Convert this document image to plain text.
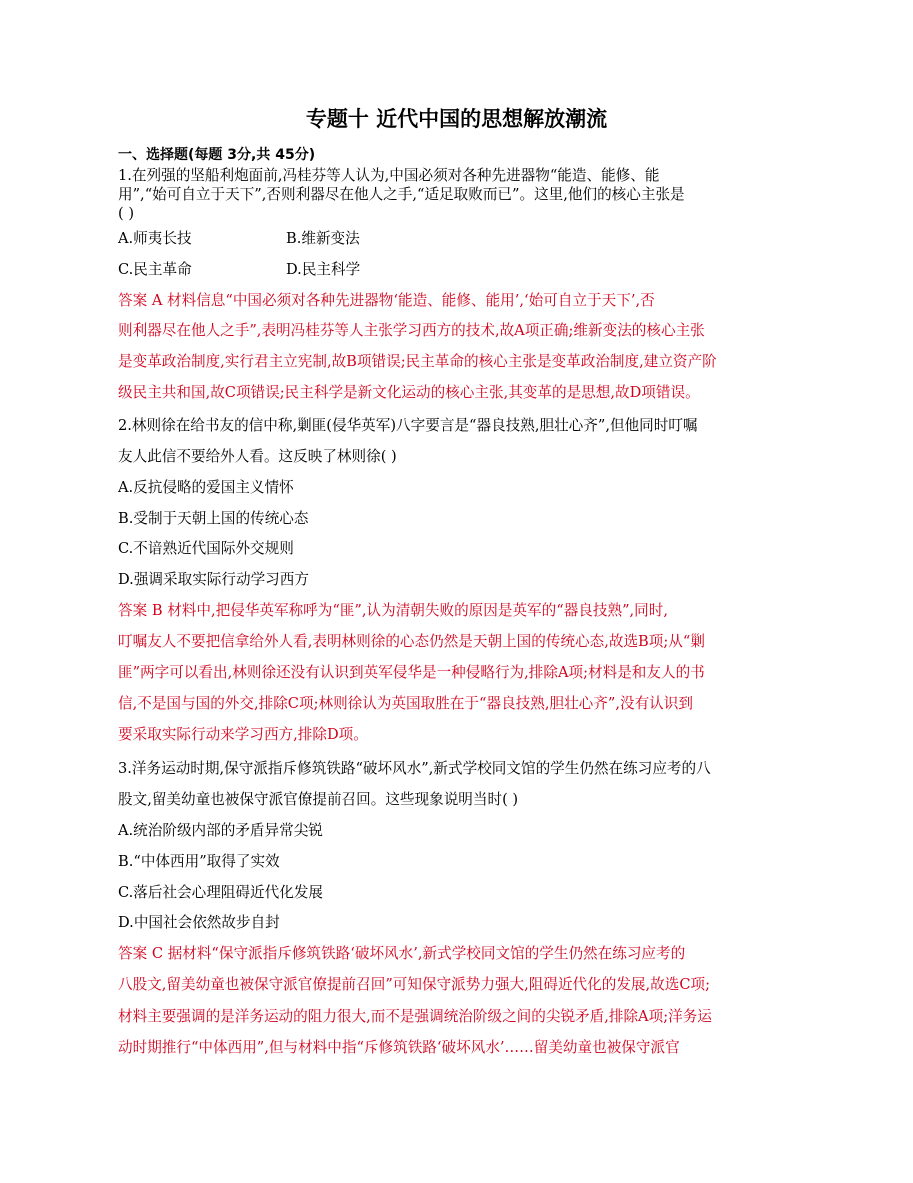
专题十 近代中国的思想解放潮流
一、选择题(每题 3分,共 45分)
1.在列强的坚船利炮面前,冯桂芬等人认为,中国必须对各种先进器物“能造、能修、能
用”,“始可自立于天下”,否则利器尽在他人之手,“适足取败而已”。这里,他们的核心主张是
( )
A.师夷长技	B.维新变法
C.民主革命	D.民主科学
答案 A 材料信息“中国必须对各种先进器物‘能造、能修、能用’,‘始可自立于天下’,否
则利器尽在他人之手”,表明冯桂芬等人主张学习西方的技术,故A项正确;维新变法的核心主张
是变革政治制度,实行君主立宪制,故B项错误;民主革命的核心主张是变革政治制度,建立资产阶
级民主共和国,故C项错误;民主科学是新文化运动的核心主张,其变革的是思想,故D项错误。
2.林则徐在给书友的信中称,剿匪(侵华英军)八字要言是“器良技熟,胆壮心齐”,但他同时叮嘱
友人此信不要给外人看。这反映了林则徐( )
A.反抗侵略的爱国主义情怀
B.受制于天朝上国的传统心态
C.不谙熟近代国际外交规则
D.强调采取实际行动学习西方
答案 B 材料中,把侵华英军称呼为“匪”,认为清朝失败的原因是英军的“器良技熟”,同时,
叮嘱友人不要把信拿给外人看,表明林则徐的心态仍然是天朝上国的传统心态,故选B项;从“剿
匪”两字可以看出,林则徐还没有认识到英军侵华是一种侵略行为,排除A项;材料是和友人的书
信,不是国与国的外交,排除C项;林则徐认为英国取胜在于“器良技熟,胆壮心齐”,没有认识到
要采取实际行动来学习西方,排除D项。
3.洋务运动时期,保守派指斥修筑铁路“破坏风水”,新式学校同文馆的学生仍然在练习应考的八
股文,留美幼童也被保守派官僚提前召回。这些现象说明当时( )
A.统治阶级内部的矛盾异常尖锐
B.“中体西用”取得了实效
C.落后社会心理阻碍近代化发展
D.中国社会依然故步自封
答案 C 据材料“保守派指斥修筑铁路‘破坏风水’,新式学校同文馆的学生仍然在练习应考的
八股文,留美幼童也被保守派官僚提前召回”可知保守派势力强大,阻碍近代化的发展,故选C项;
材料主要强调的是洋务运动的阻力很大,而不是强调统治阶级之间的尖锐矛盾,排除A项;洋务运
动时期推行“中体西用”,但与材料中指“斥修筑铁路‘破坏风水’……留美幼童也被保守派官
